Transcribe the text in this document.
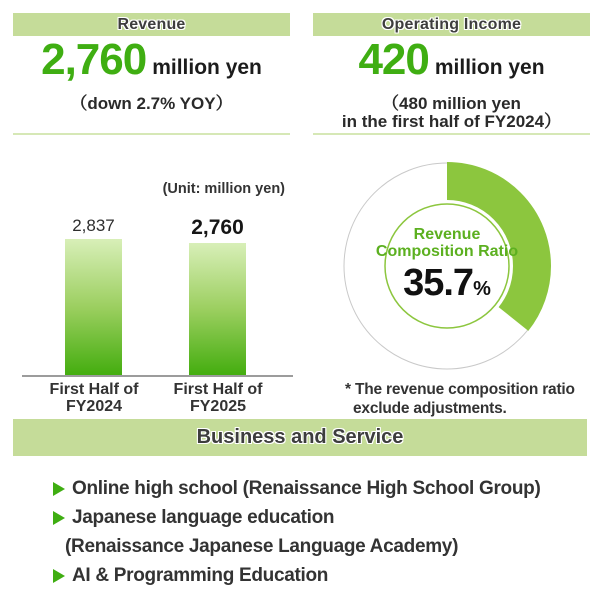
Revenue
2,760 million yen
（down 2.7% YOY）
Operating Income
420 million yen
（480 million yen
in the first half of FY2024）
(Unit: million yen)
2,837	2,760
First Half of
FY2024
First Half of
FY2025
Revenue
Composition Ratio
35.7%
* The revenue composition ratio
exclude adjustments.
Business and Service
Online high school (Renaissance High School Group)
Japanese language education
(Renaissance Japanese Language Academy)
AI & Programming Education
